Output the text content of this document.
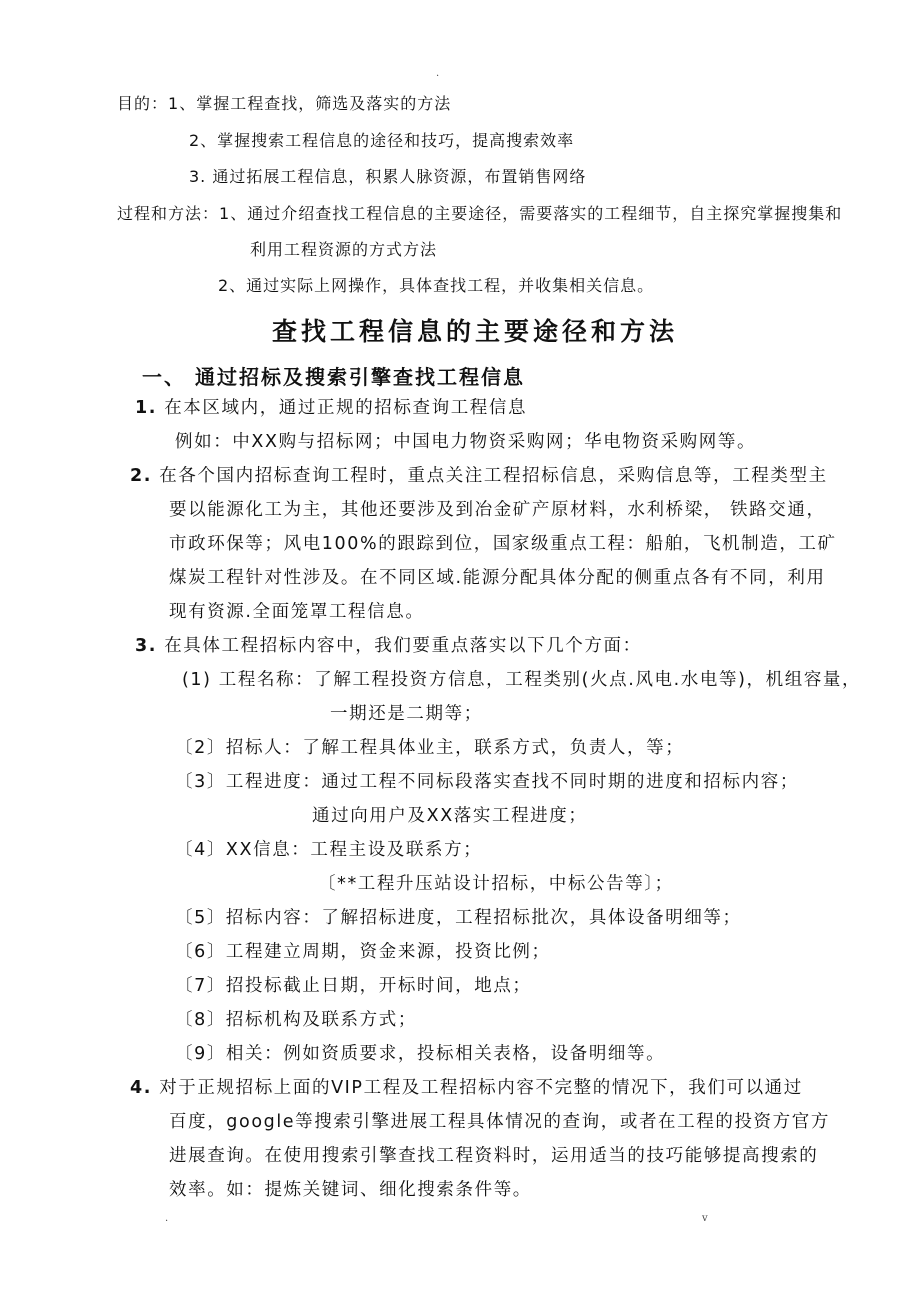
.
目的：1、掌握工程查找，筛选及落实的方法
2、掌握搜索工程信息的途径和技巧，提高搜索效率
3. 通过拓展工程信息，积累人脉资源，布置销售网络
过程和方法：1、通过介绍查找工程信息的主要途径，需要落实的工程细节，自主探究掌握搜集和
利用工程资源的方式方法
2、通过实际上网操作，具体查找工程，并收集相关信息。
查找工程信息的主要途径和方法
一、 通过招标及搜索引擎查找工程信息
1. 在本区域内，通过正规的招标查询工程信息
例如：中XX购与招标网；中国电力物资采购网；华电物资采购网等。
2. 在各个国内招标查询工程时，重点关注工程招标信息，采购信息等，工程类型主
要以能源化工为主，其他还要涉及到冶金矿产原材料，水利桥梁， 铁路交通，
市政环保等；风电100%的跟踪到位，国家级重点工程：船舶，飞机制造，工矿
煤炭工程针对性涉及。在不同区域.能源分配具体分配的侧重点各有不同，利用
现有资源.全面笼罩工程信息。
3. 在具体工程招标内容中，我们要重点落实以下几个方面：
(1) 工程名称：了解工程投资方信息，工程类别(火点.风电.水电等)，机组容量，
一期还是二期等；
〔2〕招标人：了解工程具体业主，联系方式，负责人，等；
〔3〕工程进度：通过工程不同标段落实查找不同时期的进度和招标内容；
通过向用户及XX落实工程进度；
〔4〕XX信息：工程主设及联系方；
〔**工程升压站设计招标，中标公告等〕；
〔5〕招标内容：了解招标进度，工程招标批次，具体设备明细等；
〔6〕工程建立周期，资金来源，投资比例；
〔7〕招投标截止日期，开标时间，地点；
〔8〕招标机构及联系方式；
〔9〕相关：例如资质要求，投标相关表格，设备明细等。
4. 对于正规招标上面的VIP工程及工程招标内容不完整的情况下，我们可以通过
百度，google等搜索引擎进展工程具体情况的查询，或者在工程的投资方官方
进展查询。在使用搜索引擎查找工程资料时，运用适当的技巧能够提高搜索的
效率。如：提炼关键词、细化搜索条件等。
.	v
